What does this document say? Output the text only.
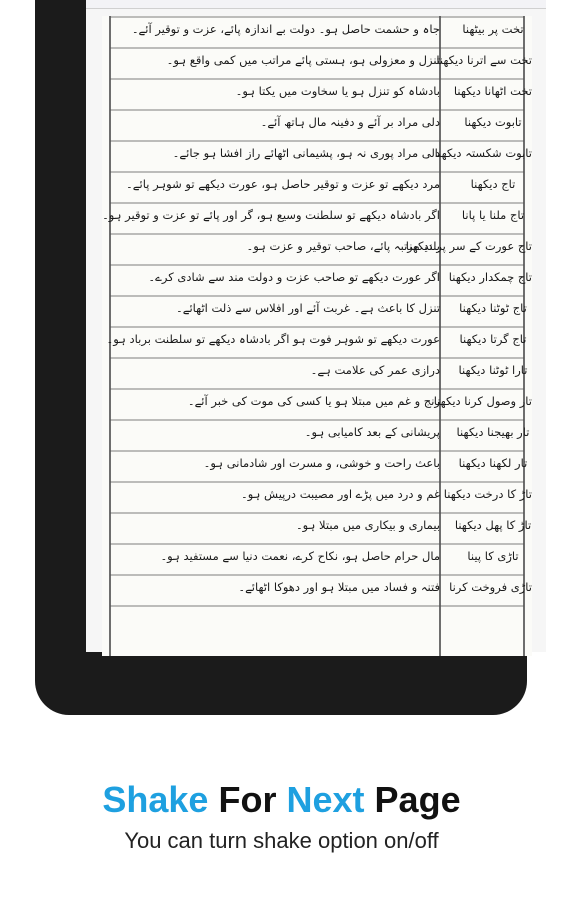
تخت پر بیٹھنا
جاہ و حشمت حاصل ہو۔ دولت بے اندازہ پائے، عزت و توقیر آئے۔
تخت سے اترنا دیکھنا
تنزل و معزولی ہو، ہستی پائے مراتب میں کمی واقع ہو۔
تخت اٹھانا دیکھنا
بادشاہ کو تنزل ہو یا سخاوت میں یکتا ہو۔
تابوت دیکھنا
دلی مراد بر آئے و دفینہ مال ہاتھ آئے۔
تابوت شکستہ دیکھنا
دلی مراد پوری نہ ہو، پشیمانی اٹھائے راز افشا ہو جائے۔
تاج دیکھنا
مرد دیکھے تو عزت و توقیر حاصل ہو، عورت دیکھے تو شوہر پائے۔
تاج ملنا یا پانا
اگر بادشاہ دیکھے تو سلطنت وسیع ہو، گر اور پائے تو عزت و توقیر ہو۔
تاج عورت کے سر پر دیکھنا
بلند مرتبہ پائے، صاحب توقیر و عزت ہو۔
تاج چمکدار دیکھنا
اگر عورت دیکھے تو صاحب عزت و دولت مند سے شادی کرے۔
تاج ٹوٹنا دیکھنا
تنزل کا باعث ہے۔ غربت آئے اور افلاس سے ذلت اٹھائے۔
تاج گرتا دیکھنا
عورت دیکھے تو شوہر فوت ہو اگر بادشاہ دیکھے تو سلطنت برباد ہو۔
تارا ٹوٹنا دیکھنا
درازی عمر کی علامت ہے۔
تار وصول کرنا دیکھنا
رنج و غم میں مبتلا ہو یا کسی کی موت کی خبر آئے۔
تار بھیجنا دیکھنا
پریشانی کے بعد کامیابی ہو۔
تار لکھنا دیکھنا
باعث راحت و خوشی، و مسرت اور شادمانی ہو۔
تاڑ کا درخت دیکھنا
غم و درد میں پڑے اور مصیبت درپیش ہو۔
تاڑ کا پھل دیکھنا
بیماری و بیکاری میں مبتلا ہو۔
تاڑی کا پینا
مال حرام حاصل ہو، نکاح کرے، نعمت دنیا سے مستفید ہو۔
تاڑی فروخت کرنا
فتنہ و فساد میں مبتلا ہو اور دھوکا اٹھائے۔
Shake For Next Page
You can turn shake option on/off
